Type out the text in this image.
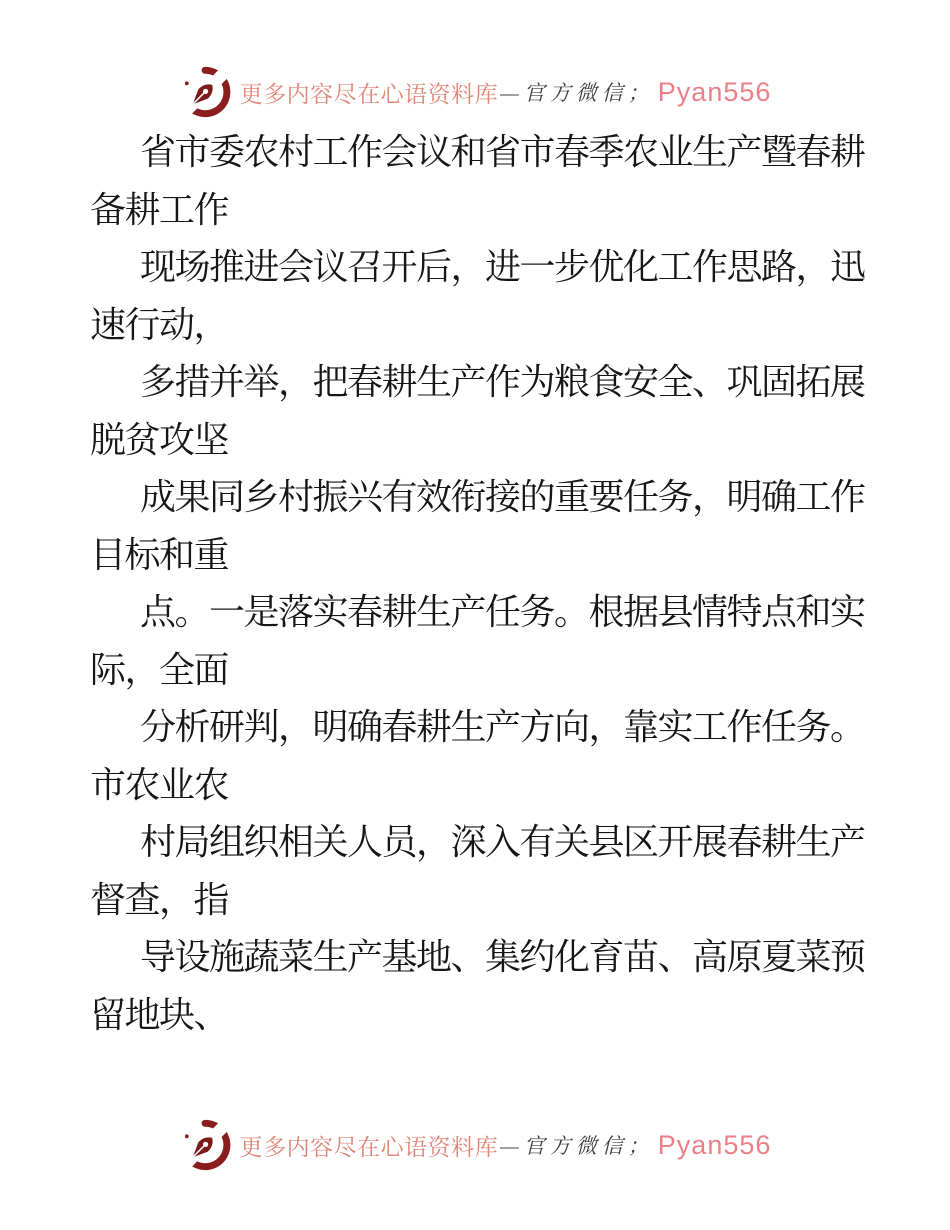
更多内容尽在心语资料库 —官方微信； Pyan556
省市委农村工作会议和省市春季农业生产暨春耕
备耕工作
现场推进会议召开后，进一步优化工作思路，迅
速行动，
多措并举，把春耕生产作为粮食安全、巩固拓展
脱贫攻坚
成果同乡村振兴有效衔接的重要任务，明确工作
目标和重
点。一是落实春耕生产任务。根据县情特点和实
际，全面
分析研判，明确春耕生产方向，靠实工作任务。
市农业农
村局组织相关人员，深入有关县区开展春耕生产
督查，指
导设施蔬菜生产基地、集约化育苗、高原夏菜预
留地块、
更多内容尽在心语资料库 —官方微信； Pyan556
